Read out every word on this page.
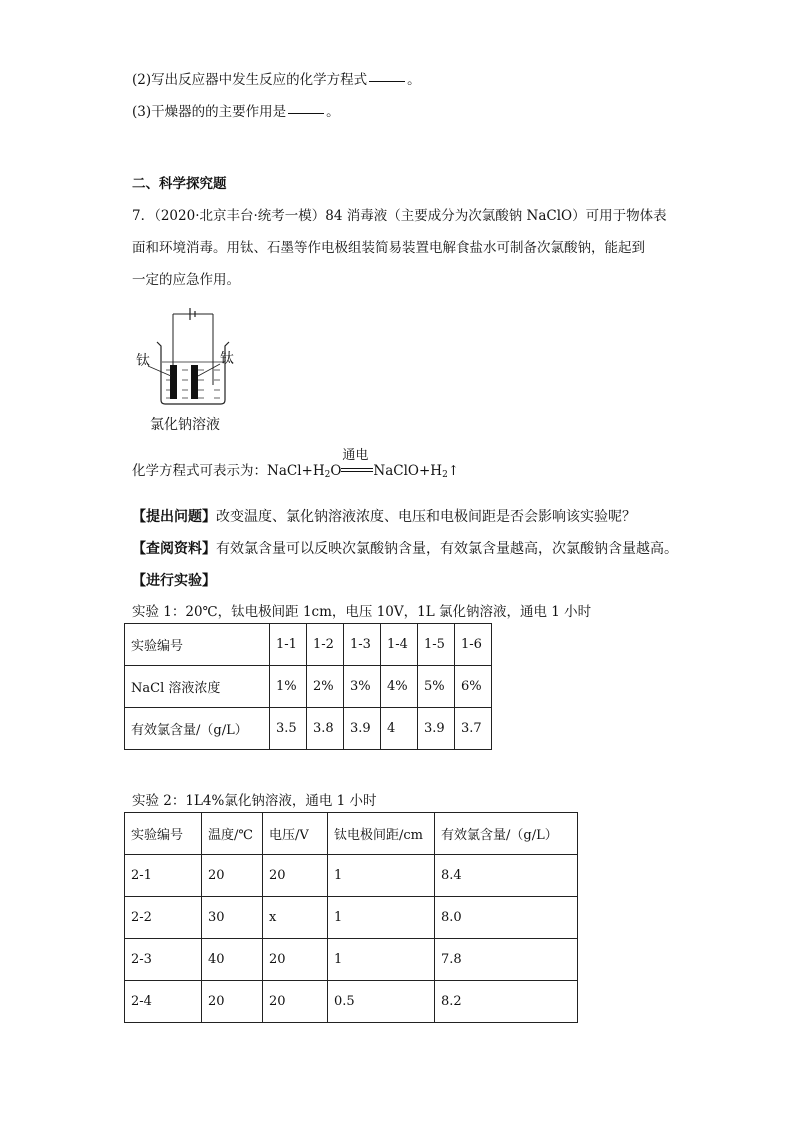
(2)写出反应器中发生反应的化学方程式	。
(3)干燥器的的主要作用是	。
二、科学探究题
7．（2020·北京丰台·统考一模）84 消毒液（主要成分为次氯酸钠 NaClO）可用于物体表
面和环境消毒。用钛、石墨等作电极组装简易装置电解食盐水可制备次氯酸钠，能起到
一定的应急作用。
钛	钛
氯化钠溶液
化学方程式可表示为：$NaCl+H_2O$
通电
$NaClO+H_2↑$
【提出问题】改变温度、氯化钠溶液浓度、电压和电极间距是否会影响该实验呢？
【查阅资料】有效氯含量可以反映次氯酸钠含量，有效氯含量越高，次氯酸钠含量越高。
【进行实验】
实验 1：20℃，钛电极间距 1cm，电压 10V，1L 氯化钠溶液，通电 1 小时
实验编号	1-1	1-2	1-3	1-4	1-5	1-6
NaCl 溶液浓度	1%	2%	3%	4%	5%	6%
有效氯含量/（g/L）	3.5	3.8	3.9	4	3.9	3.7
实验 2：1L4%氯化钠溶液，通电 1 小时
实验编号	温度/℃	电压/V	钛电极间距/cm	有效氯含量/（g/L）
2-1	20	20	1	8.4
2-2	30	x	1	8.0
2-3	40	20	1	7.8
2-4	20	20	0.5	8.2
